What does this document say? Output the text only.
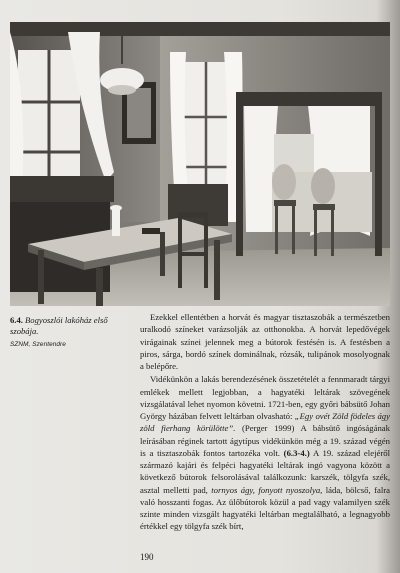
6.4. Bogyoszlói lakóház első szobája.
SZNM, Szentendre

Ezekkel ellentétben a horvát és magyar tisztaszobák a természetben uralkodó színeket varázsolják az otthonokba. A horvát lepedővégek virágainak színei jelennek meg a bútorok festésén is. A festésben a piros, sárga, bordó színek dominálnak, rózsák, tulipánok mosolyognak a belépőre.

Vidékünkön a lakás berendezésének összetételét a fennmaradt tárgyi emlékek mellett legjobban, a hagyatéki leltárak szövegének vizsgálatával lehet nyomon követni. 1721-ben, egy győri bábsütő Johan György házában felvett leltárban olvasható: „Egy ovét Zöld födeles ágy zöld fierhang körülötte”. (Perger 1999) A bábsütő ingóságának leírásában réginek tartott ágytípus vidékünkön még a 19. század végén is a tisztaszobák fontos tartozéka volt. (6.3-4.) A 19. század elejéről származó kajári és felpéci hagyatéki leltárak ingó vagyona között a következő bútorok felsorolásával találkozunk: karszék, tölgyfa szék, asztal melletti pad, tornyos ágy, fonyott nyoszolya, láda, bölcső, falra való hosszanti fogas. Az ülőbútorok közül a pad vagy valamilyen szék szinte minden vizsgált hagyatéki leltárban megtalálható, a legnagyobb értékkel egy tölgyfa szék bírt,

190
